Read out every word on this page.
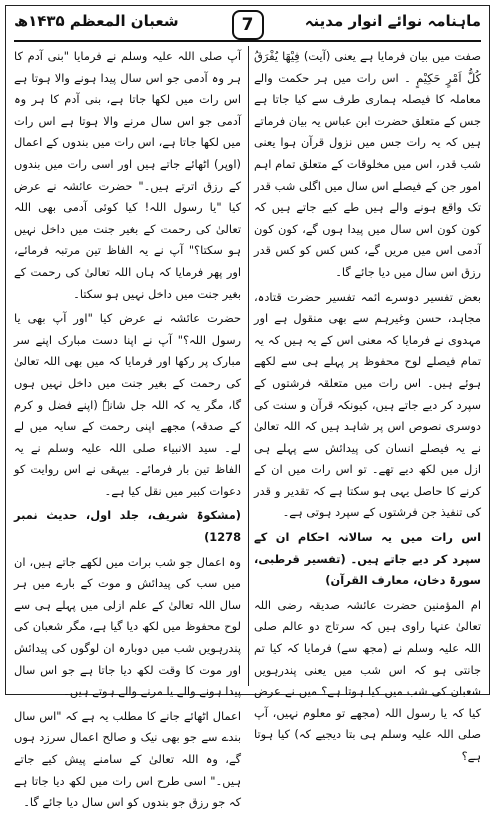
ماہنامہ نوائے انوار مدینہ
7
شعبان المعظم ۱۴۳۵ھ

صفت میں بیان فرمایا ہے یعنی (آیت) فِیْھَا یُفْرَقُ کُلُّ اَمْرٍ حَکِیْمٍ ۔ اس رات میں ہر حکمت والے معاملہ کا فیصلہ ہماری طرف سے کیا جاتا ہے جس کے متعلق حضرت ابن عباس یہ بیان فرماتے ہیں کہ یہ رات جس میں نزول قرآن ہوا یعنی شب قدر، اس میں مخلوقات کے متعلق تمام اہم امور جن کے فیصلے اس سال میں اگلی شب قدر تک واقع ہونے والے ہیں طے کیے جاتے ہیں کہ کون کون اس سال میں پیدا ہوں گے، کون کون آدمی اس میں مریں گے، کس کس کو کس قدر رزق اس سال میں دیا جائے گا۔

بعض تفسیر دوسرے ائمہ تفسیر حضرت قتادہ، مجاہد، حسن وغیرہم سے بھی منقول ہے اور مہدوی نے فرمایا کہ معنی اس کے یہ ہیں کہ یہ تمام فیصلے لوح محفوظ پر پہلے ہی سے لکھے ہوئے ہیں۔ اس رات میں متعلقہ فرشتوں کے سپرد کر دیے جاتے ہیں، کیونکہ قرآن و سنت کی دوسری نصوص اس پر شاہد ہیں کہ اللہ تعالیٰ نے یہ فیصلے انسان کی پیدائش سے پہلے ہی ازل میں لکھ دیے تھے۔ تو اس رات میں ان کے کرنے کا حاصل یہی ہو سکتا ہے کہ تقدیر و قدر کی تنفیذ جن فرشتوں کے سپرد ہوتی ہے۔

اس رات میں یہ سالانہ احکام ان کے سپرد کر دیے جاتے ہیں۔ (تفسیر قرطبی، سورۃ دخان، معارف القرآن)

ام المؤمنین حضرت عائشہ صدیقہ رضی اللہ تعالیٰ عنہا راوی ہیں کہ سرتاج دو عالم صلی اللہ علیہ وسلم نے (مجھ سے) فرمایا کہ کیا تم جانتی ہو کہ اس شب میں یعنی پندرہویں شعبان کی شب میں کیا ہوتا ہے؟ میں نے عرض کیا کہ یا رسول اللہ (مجھے تو معلوم نہیں، آپ صلی اللہ علیہ وسلم ہی بتا دیجیے کہ) کیا ہوتا ہے؟

آپ صلی اللہ علیہ وسلم نے فرمایا "بنی آدم کا ہر وہ آدمی جو اس سال پیدا ہونے والا ہوتا ہے اس رات میں لکھا جاتا ہے، بنی آدم کا ہر وہ آدمی جو اس سال مرنے والا ہوتا ہے اس رات میں لکھا جاتا ہے، اس رات میں بندوں کے اعمال (اوپر) اٹھائے جاتے ہیں اور اسی رات میں بندوں کے رزق اترتے ہیں۔" حضرت عائشہ نے عرض کیا "یا رسول اللہ! کیا کوئی آدمی بھی اللہ تعالیٰ کی رحمت کے بغیر جنت میں داخل نہیں ہو سکتا؟" آپ نے یہ الفاظ تین مرتبہ فرمائے، اور پھر فرمایا کہ ہاں اللہ تعالیٰ کی رحمت کے بغیر جنت میں داخل نہیں ہو سکتا۔

حضرت عائشہ نے عرض کیا "اور آپ بھی یا رسول اللہ؟" آپ نے اپنا دست مبارک اپنے سر مبارک پر رکھا اور فرمایا کہ میں بھی اللہ تعالیٰ کی رحمت کے بغیر جنت میں داخل نہیں ہوں گا، مگر یہ کہ اللہ جل شانہٗ (اپنے فضل و کرم کے صدقہ) مجھے اپنی رحمت کے سایہ میں لے لے۔ سید الانبیاء صلی اللہ علیہ وسلم نے یہ الفاظ تین بار فرمائے۔ بیہقی نے اس روایت کو دعوات کبیر میں نقل کیا ہے۔

(مشکوۃ شریف، جلد اول، حدیث نمبر 1278)

وہ اعمال جو شب برات میں لکھے جاتے ہیں، ان میں سب کی پیدائش و موت کے بارے میں ہر سال اللہ تعالیٰ کے علم ازلی میں پہلے ہی سے لوح محفوظ میں لکھ دیا گیا ہے، مگر شعبان کی پندرہویں شب میں دوبارہ ان لوگوں کی پیدائش اور موت کا وقت لکھ دیا جاتا ہے جو اس سال پیدا ہونے والے یا مرنے والے ہوتے ہیں۔

اعمال اٹھائے جانے کا مطلب یہ ہے کہ "اس سال بندے سے جو بھی نیک و صالح اعمال سرزد ہوں گے، وہ اللہ تعالیٰ کے سامنے پیش کیے جاتے ہیں۔" اسی طرح اس رات میں لکھ دیا جاتا ہے کہ جو رزق جو بندوں کو اس سال دیا جائے گا۔
